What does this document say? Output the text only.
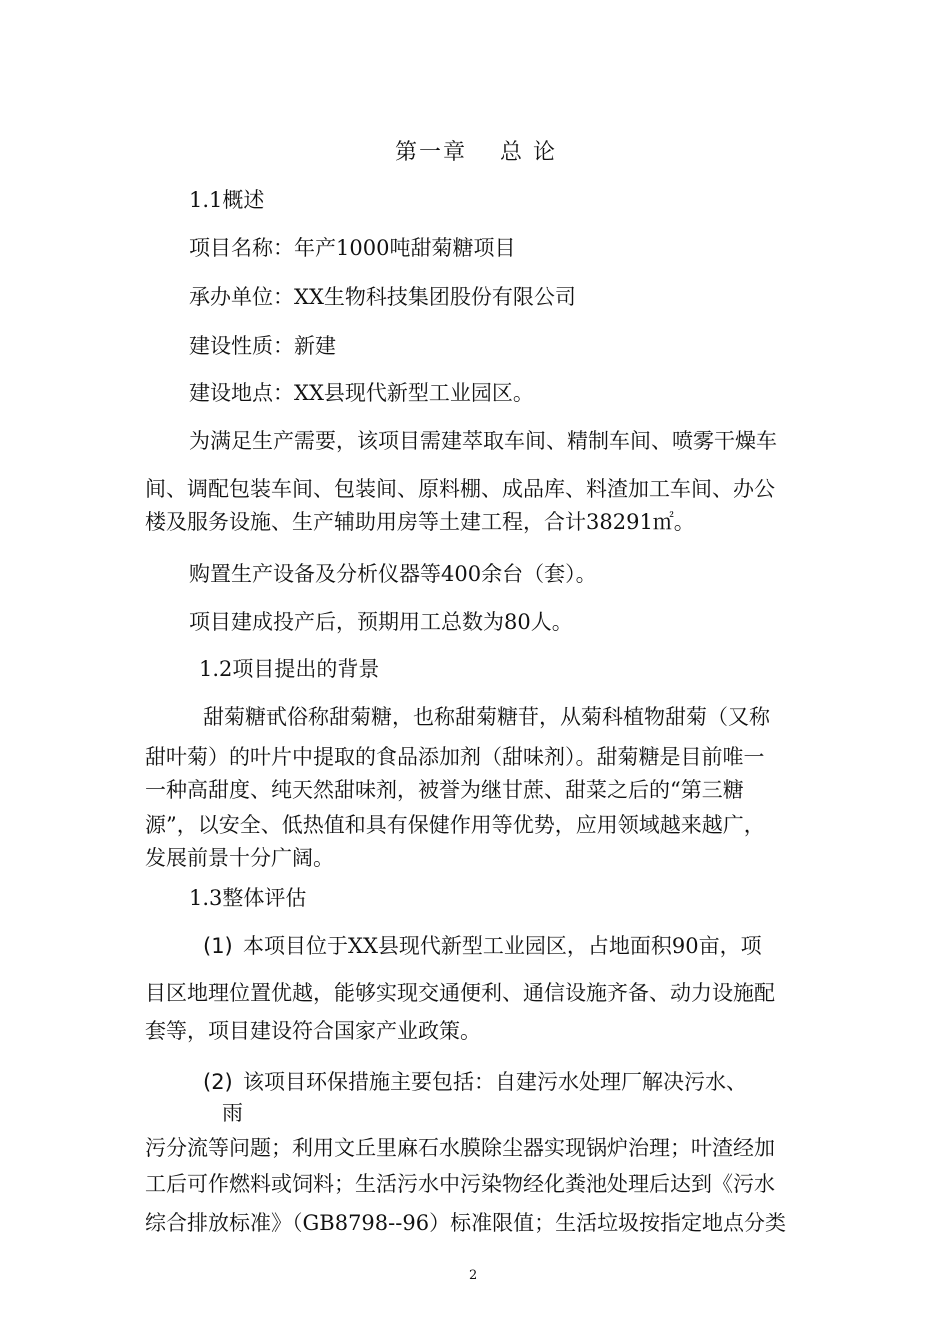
第一章　 总 论
1.1概述
项目名称：年产1000吨甜菊糖项目
承办单位：XX生物科技集团股份有限公司
建设性质：新建
建设地点：XX县现代新型工业园区。
为满足生产需要，该项目需建萃取车间、精制车间、喷雾干燥车
间、调配包装车间、包装间、原料棚、成品库、料渣加工车间、办公
楼及服务设施、生产辅助用房等土建工程，合计38291㎡。
购置生产设备及分析仪器等400余台（套）。
项目建成投产后，预期用工总数为80人。
1.2项目提出的背景
甜菊糖甙俗称甜菊糖，也称甜菊糖苷，从菊科植物甜菊（又称
甜叶菊）的叶片中提取的食品添加剂（甜味剂）。甜菊糖是目前唯一
一种高甜度、纯天然甜味剂，被誉为继甘蔗、甜菜之后的“第三糖
源”，以安全、低热值和具有保健作用等优势，应用领域越来越广，
发展前景十分广阔。
1.3整体评估
(1) 本项目位于XX县现代新型工业园区，占地面积90亩，项
目区地理位置优越，能够实现交通便利、通信设施齐备、动力设施配
套等，项目建设符合国家产业政策。
(2) 该项目环保措施主要包括：自建污水处理厂解决污水、
雨
污分流等问题；利用文丘里麻石水膜除尘器实现锅炉治理；叶渣经加
工后可作燃料或饲料；生活污水中污染物经化粪池处理后达到《污水
综合排放标准》（GB8798--96）标准限值；生活垃圾按指定地点分类
2
